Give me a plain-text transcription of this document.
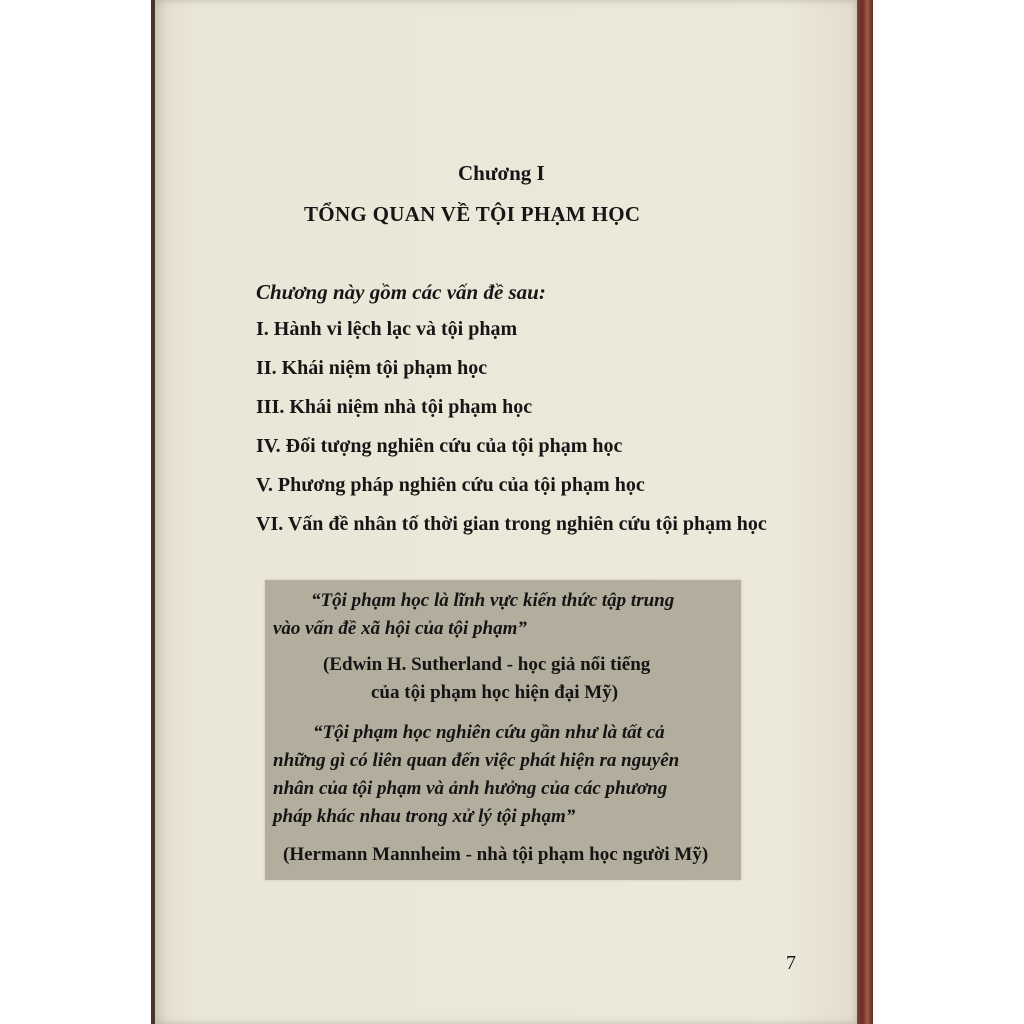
Chương I
TỔNG QUAN VỀ TỘI PHẠM HỌC
Chương này gồm các vấn đề sau:
I. Hành vi lệch lạc và tội phạm
II. Khái niệm tội phạm học
III. Khái niệm nhà tội phạm học
IV. Đối tượng nghiên cứu của tội phạm học
V. Phương pháp nghiên cứu của tội phạm học
VI. Vấn đề nhân tố thời gian trong nghiên cứu tội phạm học
“Tội phạm học là lĩnh vực kiến thức tập trung
vào vấn đề xã hội của tội phạm”
(Edwin H. Sutherland - học giả nổi tiếng
của tội phạm học hiện đại Mỹ)
“Tội phạm học nghiên cứu gần như là tất cả
những gì có liên quan đến việc phát hiện ra nguyên
nhân của tội phạm và ảnh hưởng của các phương
pháp khác nhau trong xử lý tội phạm”
(Hermann Mannheim - nhà tội phạm học người Mỹ)
7
